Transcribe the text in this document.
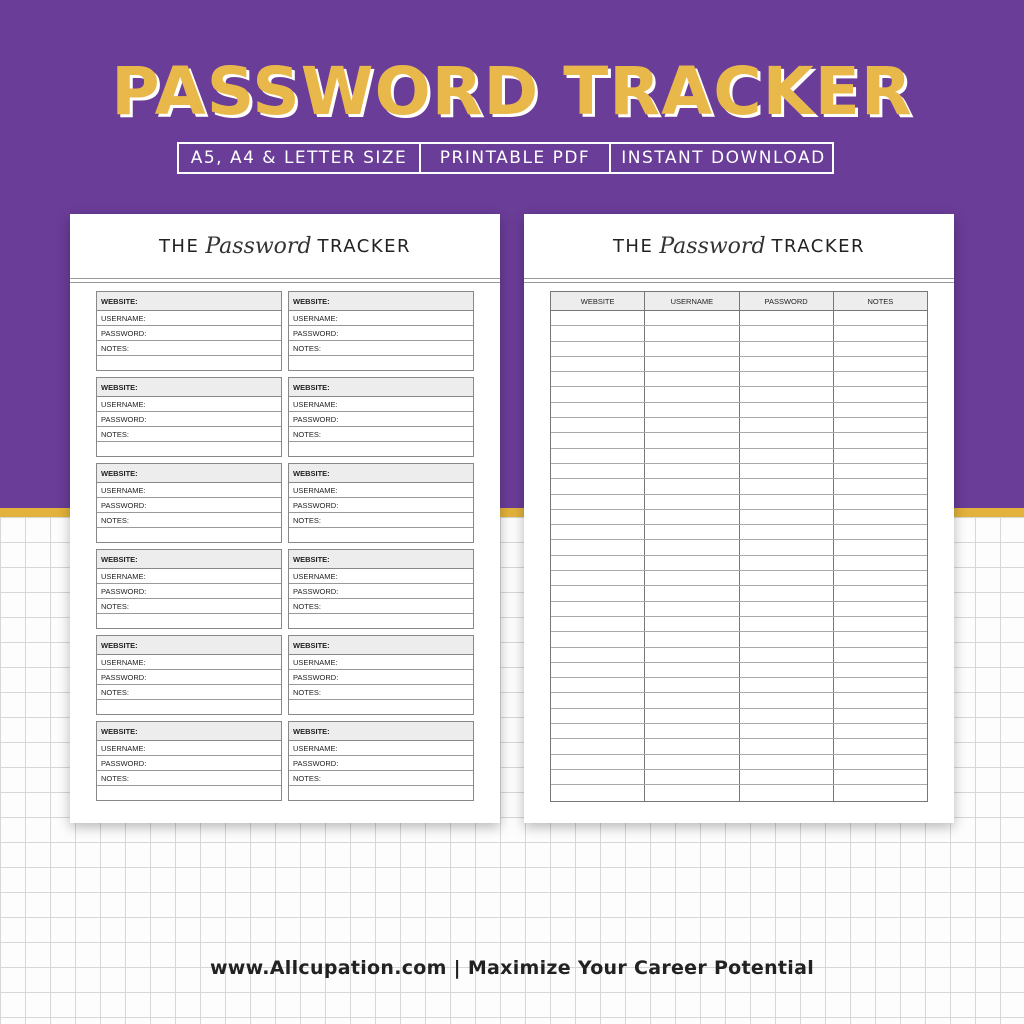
PASSWORD TRACKER
A5, A4 & LETTER SIZE	PRINTABLE PDF	INSTANT DOWNLOAD
THE Password TRACKER
WEBSITE:
USERNAME:
PASSWORD:
NOTES:
WEBSITE:
USERNAME:
PASSWORD:
NOTES:
WEBSITE:
USERNAME:
PASSWORD:
NOTES:
WEBSITE:
USERNAME:
PASSWORD:
NOTES:
WEBSITE:
USERNAME:
PASSWORD:
NOTES:
WEBSITE:
USERNAME:
PASSWORD:
NOTES:
WEBSITE:
USERNAME:
PASSWORD:
NOTES:
WEBSITE:
USERNAME:
PASSWORD:
NOTES:
WEBSITE:
USERNAME:
PASSWORD:
NOTES:
WEBSITE:
USERNAME:
PASSWORD:
NOTES:
WEBSITE:
USERNAME:
PASSWORD:
NOTES:
WEBSITE:
USERNAME:
PASSWORD:
NOTES:
THE Password TRACKER
WEBSITE	USERNAME	PASSWORD	NOTES
www.Allcupation.com | Maximize Your Career Potential
